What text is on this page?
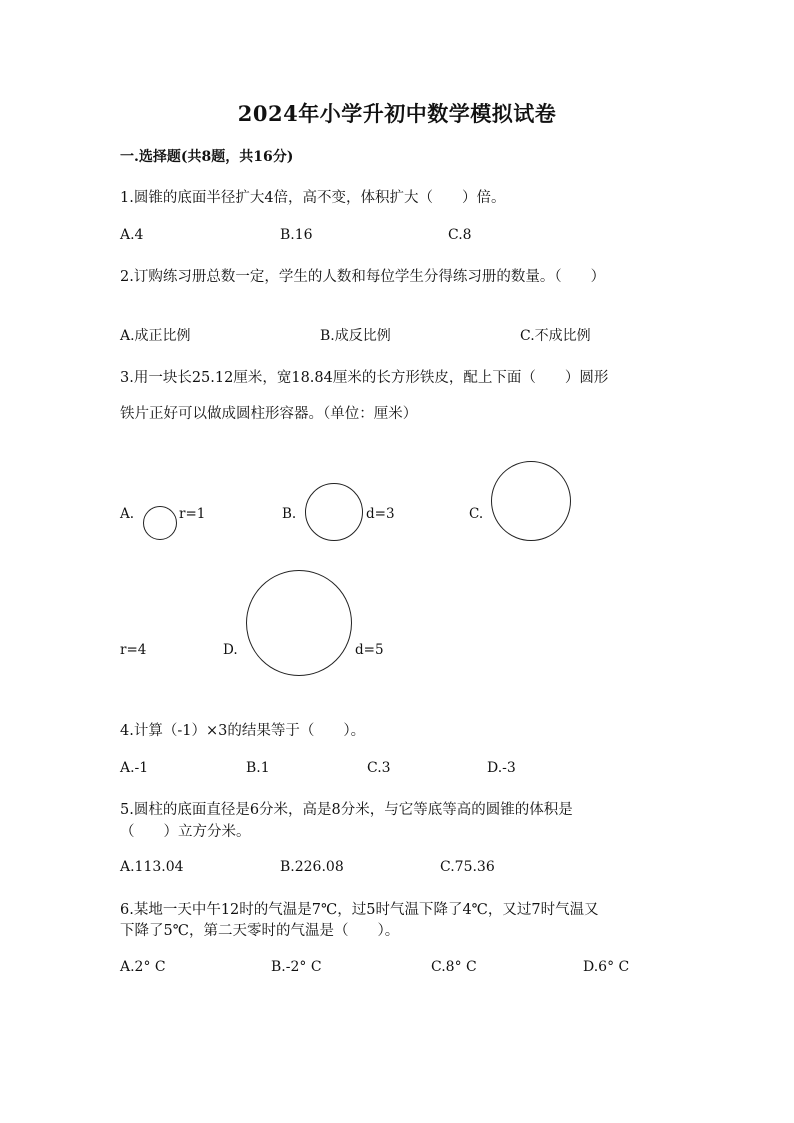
2024年小学升初中数学模拟试卷
一.选择题(共8题，共16分)
1.圆锥的底面半径扩大4倍，高不变，体积扩大（　　）倍。
A.4	B.16	C.8
2.订购练习册总数一定，学生的人数和每位学生分得练习册的数量。（　　）
A.成正比例	B.成反比例	C.不成比例
3.用一块长25.12厘米，宽18.84厘米的长方形铁皮，配上下面（　　）圆形
铁片正好可以做成圆柱形容器。（单位：厘米）
A.	r=1	B.	d=3	C.
r=4	D.	d=5
4.计算（-1）×3的结果等于（　　）。
A.-1	B.1	C.3	D.-3
5.圆柱的底面直径是6分米，高是8分米，与它等底等高的圆锥的体积是
（　　）立方分米。
A.113.04	B.226.08	C.75.36
6.某地一天中午12时的气温是7℃，过5时气温下降了4℃，又过7时气温又
下降了5℃，第二天零时的气温是（　　）。
A.2° C	B.-2° C	C.8° C	D.6° C
